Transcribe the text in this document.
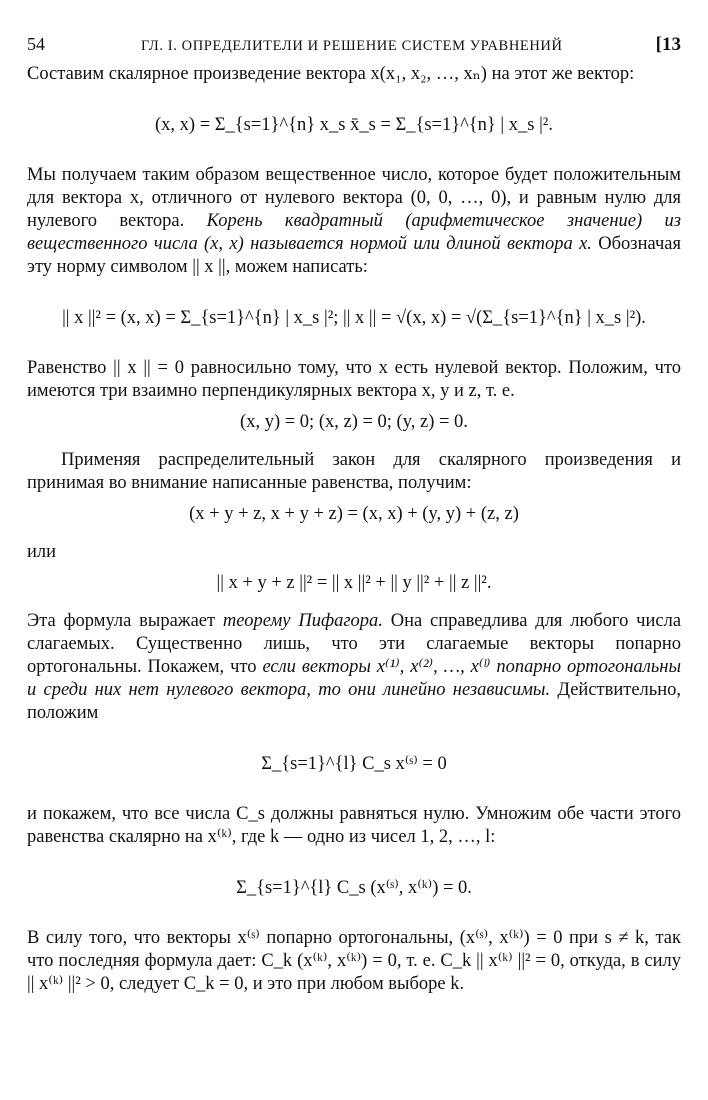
54	ГЛ. I. ОПРЕДЕЛИТЕЛИ И РЕШЕНИЕ СИСТЕМ УРАВНЕНИЙ	[13

Составим скалярное произведение вектора x(x₁, x₂, …, xₙ) на этот же вектор:

(x, x) = Σ_{s=1}^{n} x_s x̄_s = Σ_{s=1}^{n} | x_s |².

Мы получаем таким образом вещественное число, которое будет положительным для вектора x, отличного от нулевого вектора (0, 0, …, 0), и равным нулю для нулевого вектора. Корень квадратный (арифметическое значение) из вещественного числа (x, x) называется нормой или длиной вектора x. Обозначая эту норму символом || x ||, можем написать:

|| x ||² = (x, x) = Σ_{s=1}^{n} | x_s |²; || x || = √(x, x) = √(Σ_{s=1}^{n} | x_s |²).

Равенство || x || = 0 равносильно тому, что x есть нулевой вектор. Положим, что имеются три взаимно перпендикулярных вектора x, y и z, т. е.

(x, y) = 0; (x, z) = 0; (y, z) = 0.

Применяя распределительный закон для скалярного произведения и принимая во внимание написанные равенства, получим:

(x + y + z, x + y + z) = (x, x) + (y, y) + (z, z)
или
|| x + y + z ||² = || x ||² + || y ||² + || z ||².

Эта формула выражает теорему Пифагора. Она справедлива для любого числа слагаемых. Существенно лишь, что эти слагаемые векторы попарно ортогональны. Покажем, что если векторы x⁽¹⁾, x⁽²⁾, …, x⁽ˡ⁾ попарно ортогональны и среди них нет нулевого вектора, то они линейно независимы. Действительно, положим

Σ_{s=1}^{l} C_s x⁽ˢ⁾ = 0

и покажем, что все числа C_s должны равняться нулю. Умножим обе части этого равенства скалярно на x⁽ᵏ⁾, где k — одно из чисел 1, 2, …, l:

Σ_{s=1}^{l} C_s (x⁽ˢ⁾, x⁽ᵏ⁾) = 0.

В силу того, что векторы x⁽ˢ⁾ попарно ортогональны, (x⁽ˢ⁾, x⁽ᵏ⁾) = 0 при s ≠ k, так что последняя формула дает: C_k (x⁽ᵏ⁾, x⁽ᵏ⁾) = 0, т. е. C_k || x⁽ᵏ⁾ ||² = 0, откуда, в силу || x⁽ᵏ⁾ ||² > 0, следует C_k = 0, и это при любом выборе k.
